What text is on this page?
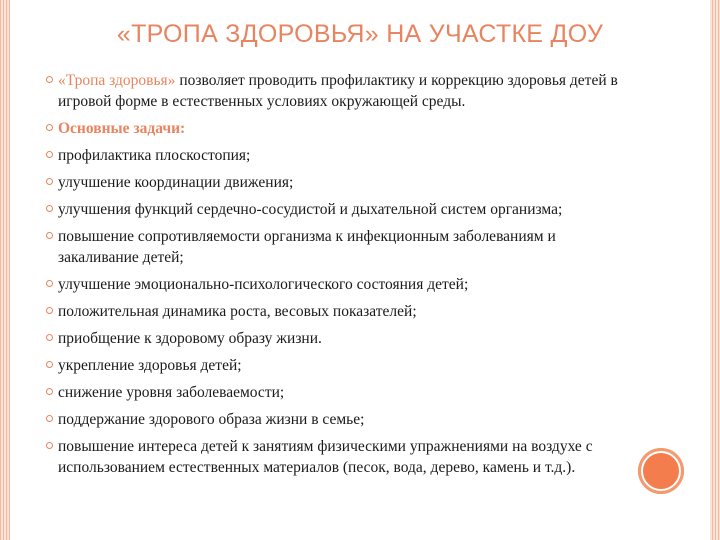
«ТРОПА ЗДОРОВЬЯ» НА УЧАСТКЕ ДОУ
«Тропа здоровья» позволяет проводить профилактику и коррекцию здоровья детей в игровой форме в естественных условиях окружающей среды.
Основные задачи:
профилактика плоскостопия;
улучшение координации движения;
улучшения функций сердечно-сосудистой и дыхательной систем организма;
повышение сопротивляемости организма к инфекционным заболеваниям и закаливание детей;
улучшение эмоционально-психологического состояния детей;
положительная динамика роста, весовых показателей;
приобщение к здоровому образу жизни.
укрепление здоровья детей;
снижение уровня заболеваемости;
поддержание здорового образа жизни в семье;
повышение интереса детей к занятиям физическими упражнениями на воздухе с использованием естественных материалов (песок, вода, дерево, камень и т.д.).
